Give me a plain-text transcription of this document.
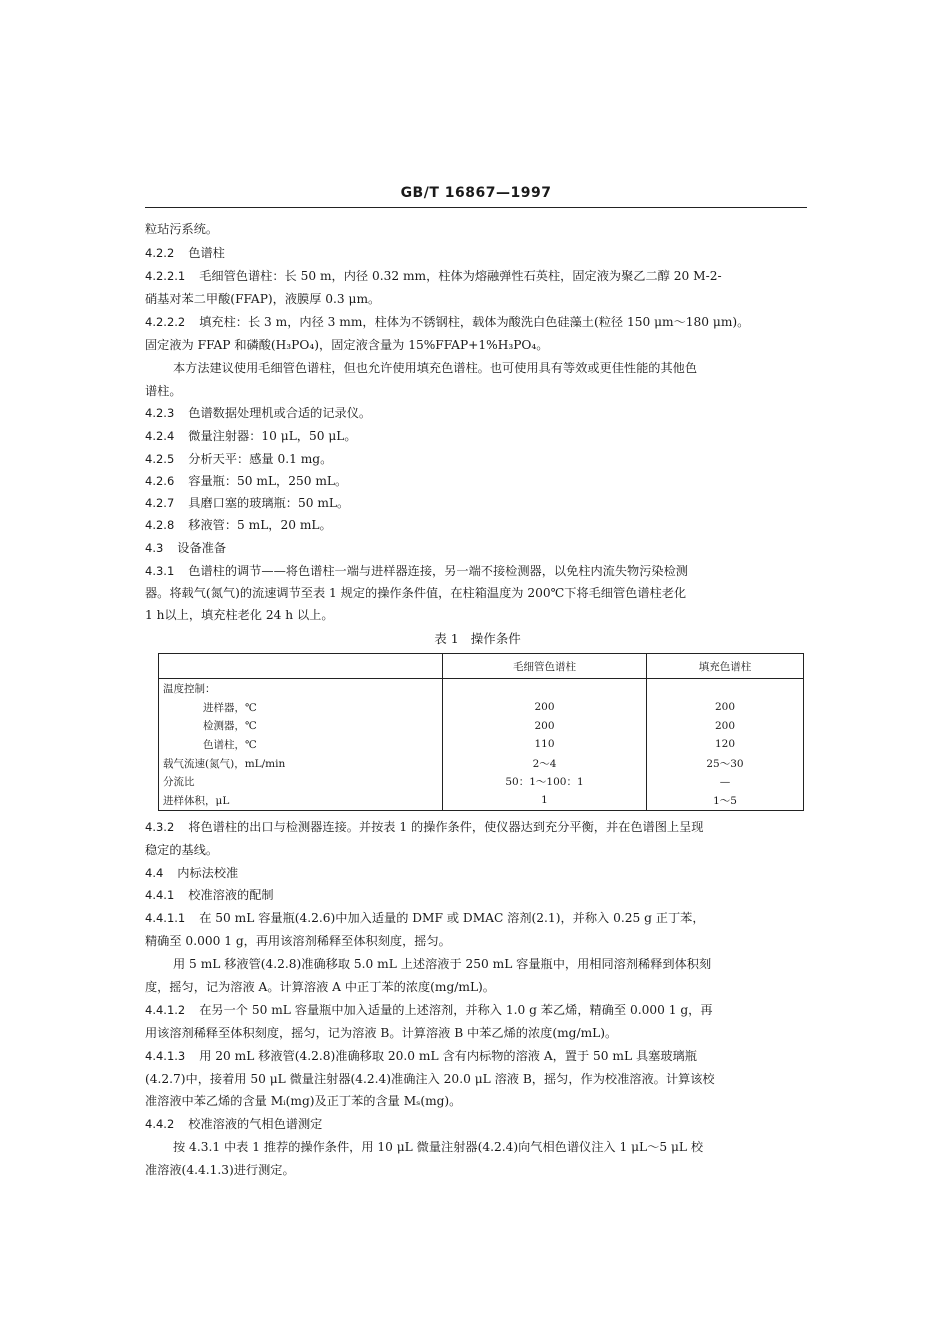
GB/T 16867—1997
粒玷污系统。
4.2.2 色谱柱
4.2.2.1 毛细管色谱柱：长 50 m，内径 0.32 mm，柱体为熔融弹性石英柱，固定液为聚乙二醇 20 M-2-
硝基对苯二甲酸(FFAP)，液膜厚 0.3 μm。
4.2.2.2 填充柱：长 3 m，内径 3 mm，柱体为不锈钢柱，载体为酸洗白色硅藻土(粒径 150 μm～180 μm)。
固定液为 FFAP 和磷酸(H₃PO₄)，固定液含量为 15%FFAP+1%H₃PO₄。
本方法建议使用毛细管色谱柱，但也允许使用填充色谱柱。也可使用具有等效或更佳性能的其他色
谱柱。
4.2.3 色谱数据处理机或合适的记录仪。
4.2.4 微量注射器：10 μL，50 μL。
4.2.5 分析天平：感量 0.1 mg。
4.2.6 容量瓶：50 mL，250 mL。
4.2.7 具磨口塞的玻璃瓶：50 mL。
4.2.8 移液管：5 mL，20 mL。
4.3 设备准备
4.3.1 色谱柱的调节——将色谱柱一端与进样器连接，另一端不接检测器，以免柱内流失物污染检测
器。将载气(氮气)的流速调节至表 1 规定的操作条件值，在柱箱温度为 200℃下将毛细管色谱柱老化
1 h以上，填充柱老化 24 h 以上。
表 1 操作条件
	毛细管色谱柱	填充色谱柱
温度控制：		
进样器，℃	200	200
检测器，℃	200	200
色谱柱，℃	110	120
载气流速(氮气)，mL/min	2～4	25～30
分流比	50：1～100：1	—
进样体积，μL	1	1～5
4.3.2 将色谱柱的出口与检测器连接。并按表 1 的操作条件，使仪器达到充分平衡，并在色谱图上呈现
稳定的基线。
4.4 内标法校准
4.4.1 校准溶液的配制
4.4.1.1 在 50 mL 容量瓶(4.2.6)中加入适量的 DMF 或 DMAC 溶剂(2.1)，并称入 0.25 g 正丁苯，
精确至 0.000 1 g，再用该溶剂稀释至体积刻度，摇匀。
用 5 mL 移液管(4.2.8)准确移取 5.0 mL 上述溶液于 250 mL 容量瓶中，用相同溶剂稀释到体积刻
度，摇匀，记为溶液 A。计算溶液 A 中正丁苯的浓度(mg/mL)。
4.4.1.2 在另一个 50 mL 容量瓶中加入适量的上述溶剂，并称入 1.0 g 苯乙烯，精确至 0.000 1 g，再
用该溶剂稀释至体积刻度，摇匀，记为溶液 B。计算溶液 B 中苯乙烯的浓度(mg/mL)。
4.4.1.3 用 20 mL 移液管(4.2.8)准确移取 20.0 mL 含有内标物的溶液 A，置于 50 mL 具塞玻璃瓶
(4.2.7)中，接着用 50 μL 微量注射器(4.2.4)准确注入 20.0 μL 溶液 B，摇匀，作为校准溶液。计算该校
准溶液中苯乙烯的含量 Mᵢ(mg)及正丁苯的含量 Mₛ(mg)。
4.4.2 校准溶液的气相色谱测定
按 4.3.1 中表 1 推荐的操作条件，用 10 μL 微量注射器(4.2.4)向气相色谱仪注入 1 μL～5 μL 校
准溶液(4.4.1.3)进行测定。
